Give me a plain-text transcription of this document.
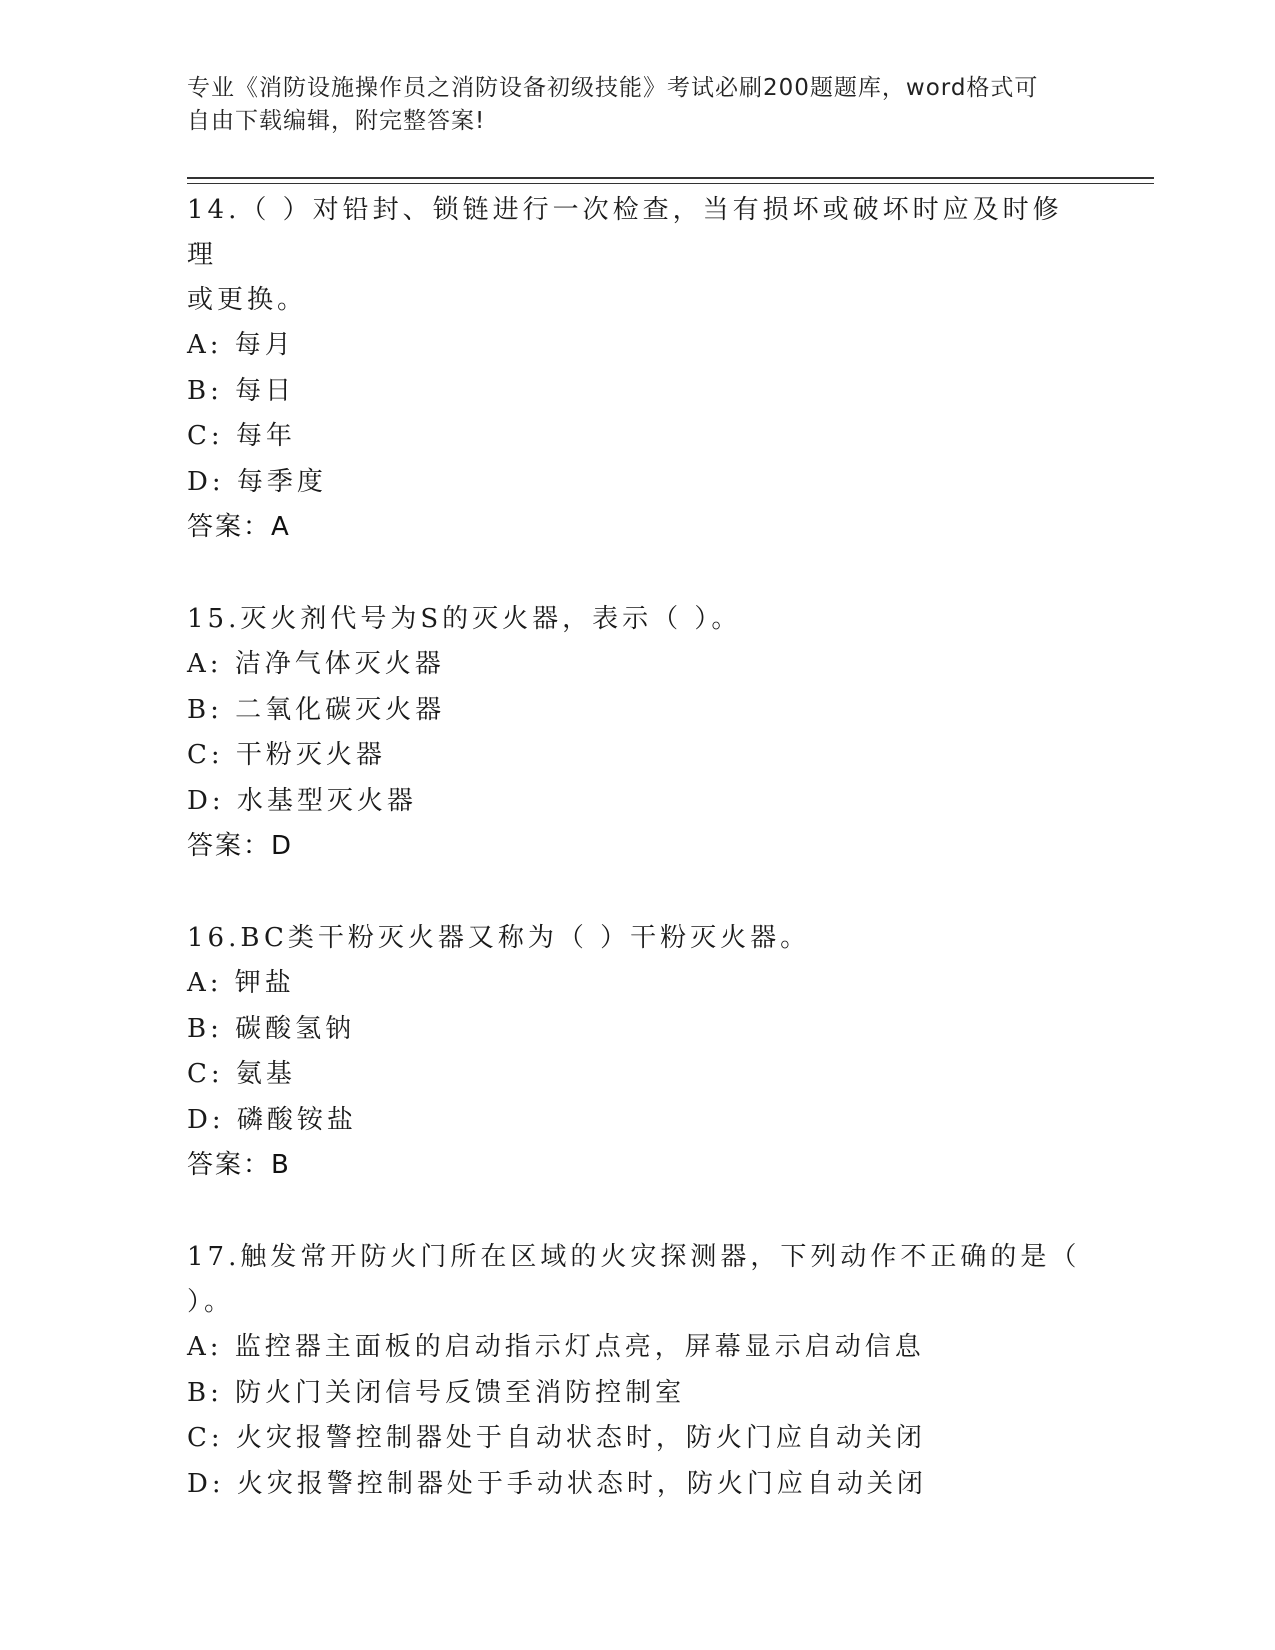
专业《消防设施操作员之消防设备初级技能》考试必刷200题题库，word格式可
自由下载编辑，附完整答案!
14.（ ）对铅封、锁链进行一次检查，当有损坏或破坏时应及时修理
或更换。
A: 每月
B: 每日
C: 每年
D: 每季度
答案：A
15.灭火剂代号为S的灭火器，表示（ ）。
A: 洁净气体灭火器
B: 二氧化碳灭火器
C: 干粉灭火器
D: 水基型灭火器
答案：D
16.BC类干粉灭火器又称为（ ）干粉灭火器。
A: 钾盐
B: 碳酸氢钠
C: 氨基
D: 磷酸铵盐
答案：B
17.触发常开防火门所在区域的火灾探测器，下列动作不正确的是（
）。
A: 监控器主面板的启动指示灯点亮，屏幕显示启动信息
B: 防火门关闭信号反馈至消防控制室
C: 火灾报警控制器处于自动状态时，防火门应自动关闭
D: 火灾报警控制器处于手动状态时，防火门应自动关闭
